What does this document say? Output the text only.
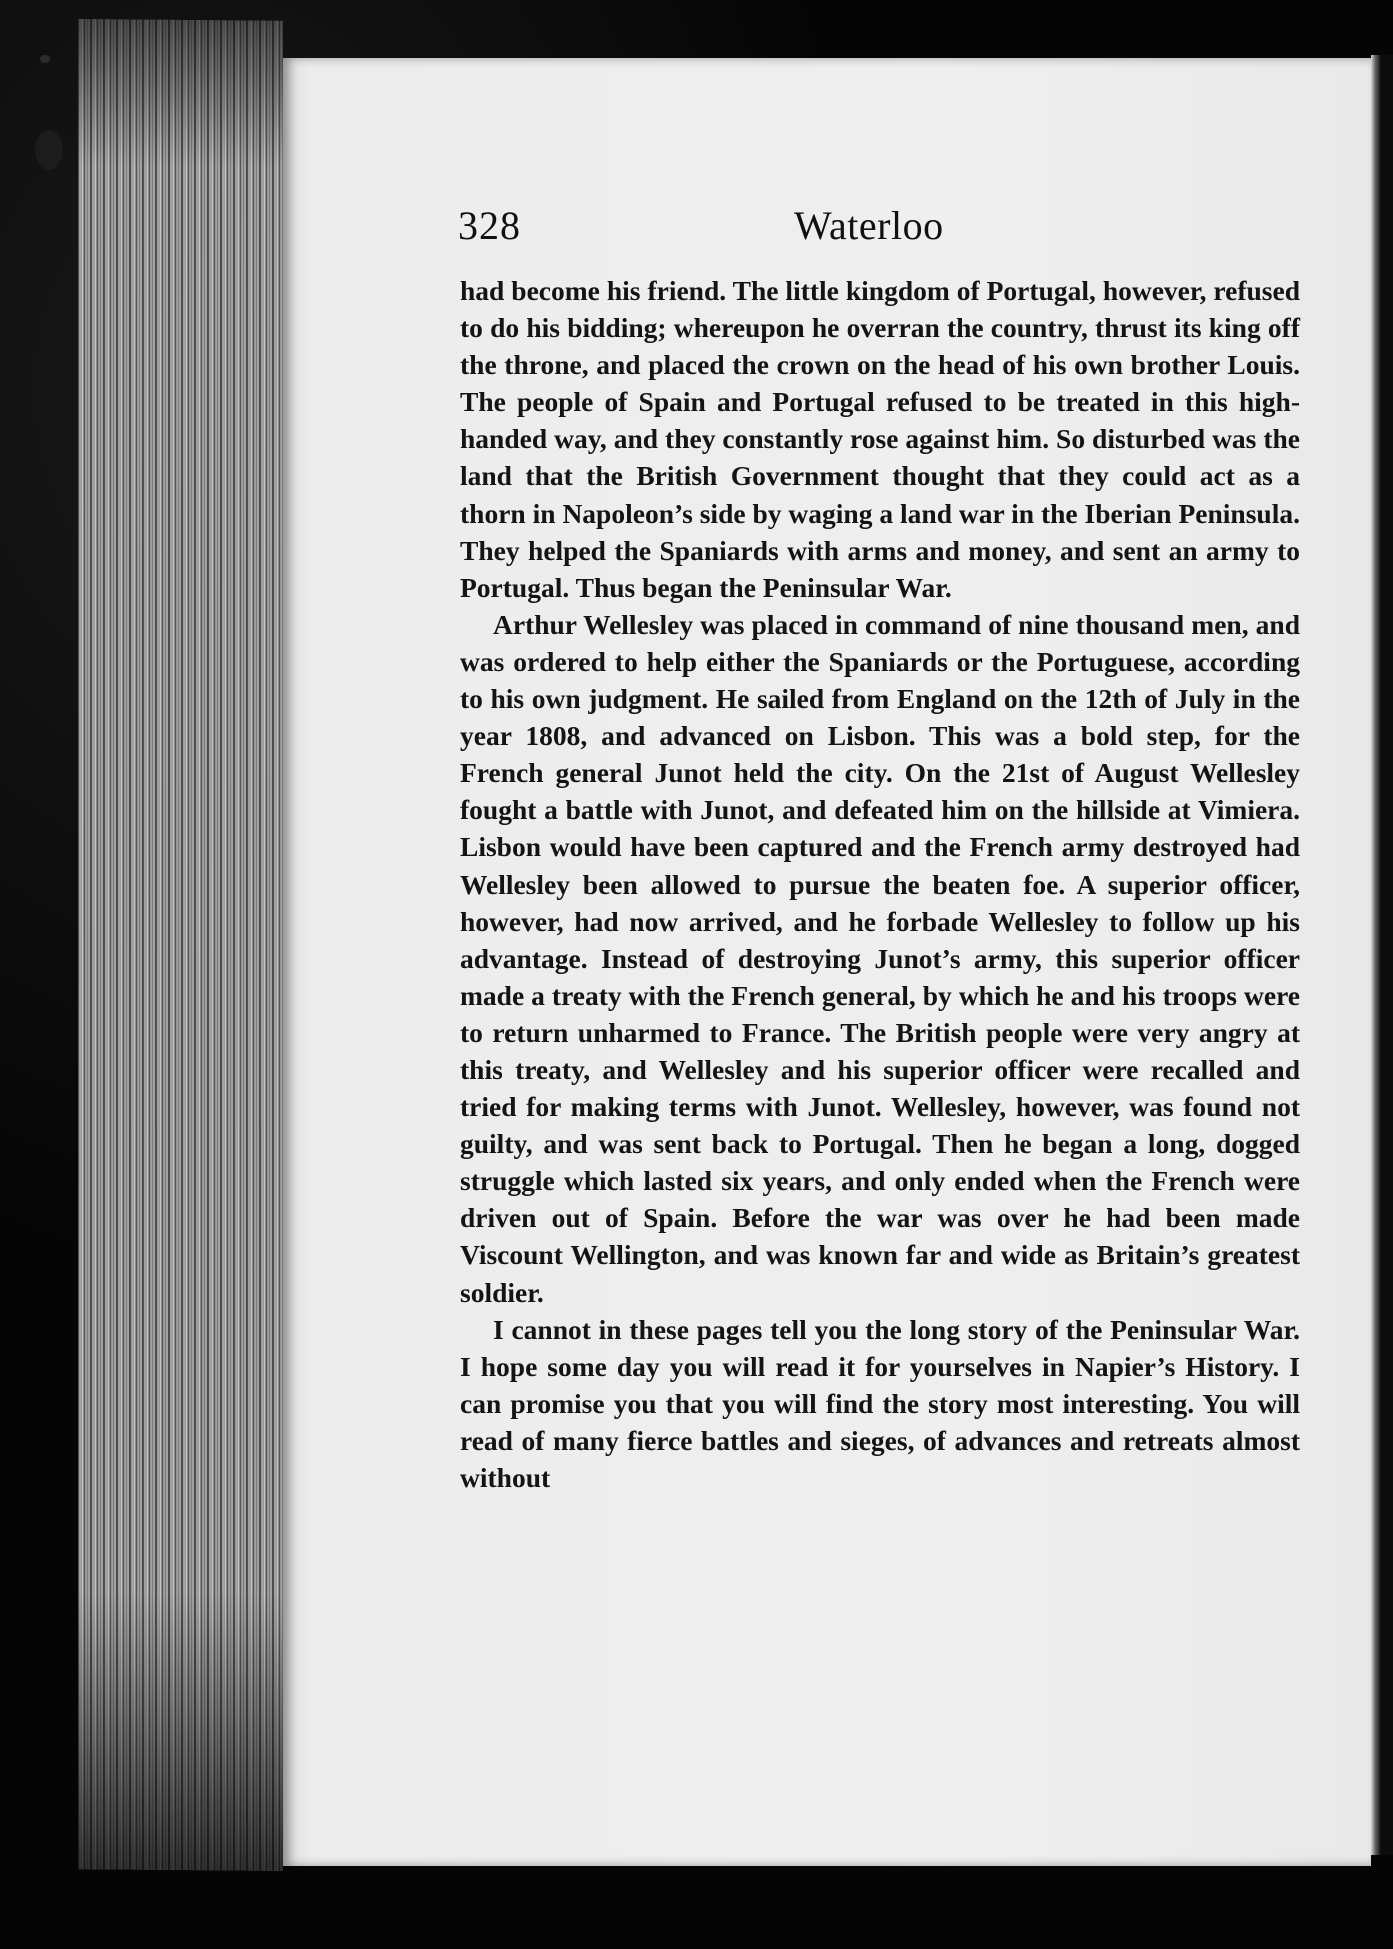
328	Waterloo

had become his friend. The little kingdom of Portugal, however, refused to do his bidding; whereupon he overran the country, thrust its king off the throne, and placed the crown on the head of his own brother Louis. The people of Spain and Portugal refused to be treated in this high-handed way, and they constantly rose against him. So disturbed was the land that the British Government thought that they could act as a thorn in Napoleon’s side by waging a land war in the Iberian Peninsula. They helped the Spaniards with arms and money, and sent an army to Portugal. Thus began the Peninsular War.

Arthur Wellesley was placed in command of nine thousand men, and was ordered to help either the Spaniards or the Portuguese, according to his own judgment. He sailed from England on the 12th of July in the year 1808, and advanced on Lisbon. This was a bold step, for the French general Junot held the city. On the 21st of August Wellesley fought a battle with Junot, and defeated him on the hillside at Vimiera. Lisbon would have been captured and the French army destroyed had Wellesley been allowed to pursue the beaten foe. A superior officer, however, had now arrived, and he forbade Wellesley to follow up his advantage. Instead of destroying Junot’s army, this superior officer made a treaty with the French general, by which he and his troops were to return unharmed to France. The British people were very angry at this treaty, and Wellesley and his superior officer were recalled and tried for making terms with Junot. Wellesley, however, was found not guilty, and was sent back to Portugal. Then he began a long, dogged struggle which lasted six years, and only ended when the French were driven out of Spain. Before the war was over he had been made Viscount Wellington, and was known far and wide as Britain’s greatest soldier.

I cannot in these pages tell you the long story of the Peninsular War. I hope some day you will read it for yourselves in Napier’s History. I can promise you that you will find the story most interesting. You will read of many fierce battles and sieges, of advances and retreats almost without
